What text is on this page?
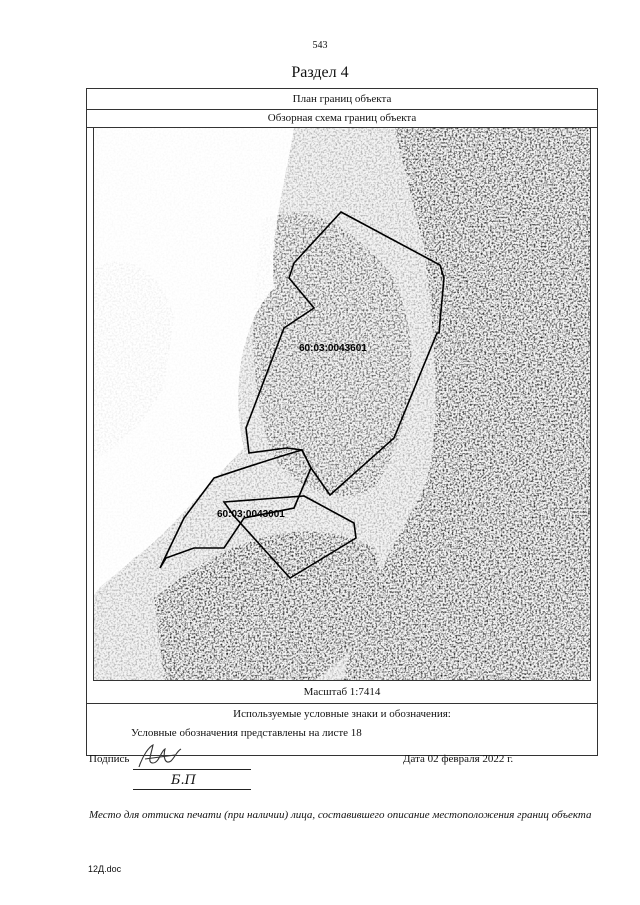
543
Раздел 4
План границ объекта
Обзорная схема границ объекта
60:03:0043601
60:03:0043001
Масштаб 1:7414
Используемые условные знаки и обозначения:
Условные обозначения представлены на листе 18
Подпись
Б.П
Дата 02 февраля 2022 г.
Место для оттиска печати (при наличии) лица, составившего описание местоположения границ объекта
12Д.doc
